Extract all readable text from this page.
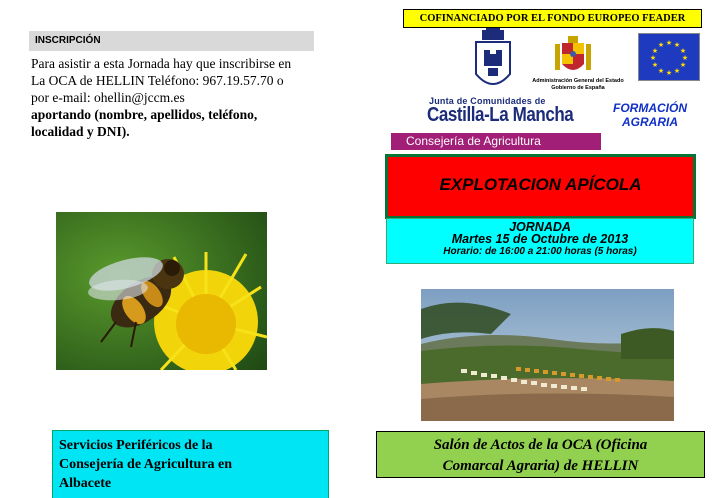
INSCRIPCIÓN
Para asistir a esta Jornada hay que inscribirse en
La OCA de HELLIN Teléfono: 967.19.57.70 o
por e-mail: ohellin@jccm.es
aportando (nombre, apellidos, teléfono,
localidad y DNI).
Servicios Periféricos de la
Consejería de Agricultura en
Albacete
COFINANCIADO POR EL FONDO EUROPEO FEADER
★ ★
★
★
★
★
★
★
★
★
★
★
Administración General del Estado
Gobierno de España
Junta de Comunidades de
Castilla-La Mancha	FORMACIÓN
AGRARIA
Consejería de Agricultura
EXPLOTACION APÍCOLA
JORNADA
Martes 15 de Octubre de 2013
Horario: de 16:00 a 21:00 horas (5 horas)
Salón de Actos de la OCA (Oficina
Comarcal Agraria) de HELLIN
